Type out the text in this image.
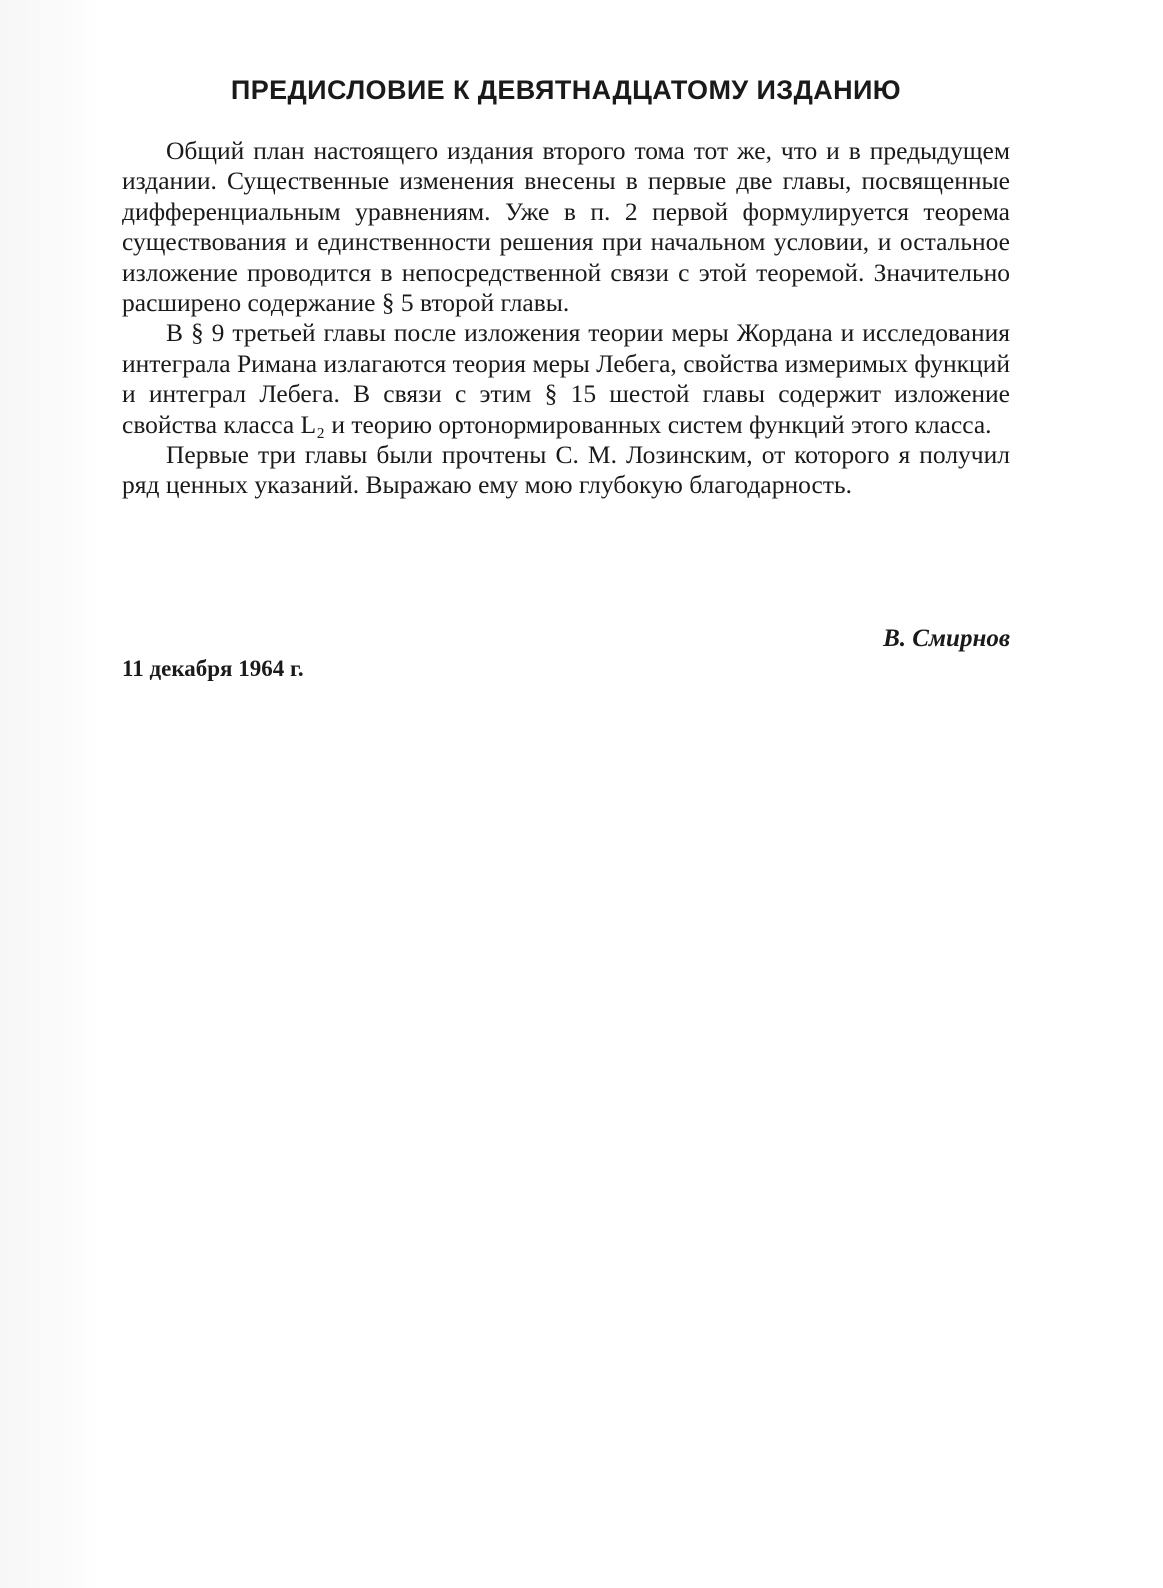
ПРЕДИСЛОВИЕ К ДЕВЯТНАДЦАТОМУ ИЗДАНИЮ

Общий план настоящего издания второго тома тот же, что и в предыдущем издании. Существенные изменения внесены в первые две главы, посвященные дифференциальным уравнениям. Уже в п. 2 первой формулируется теорема существования и единственности решения при начальном условии, и остальное изложение проводится в непосредственной связи с этой теоремой. Значительно расширено содержание § 5 второй главы.

В § 9 третьей главы после изложения теории меры Жордана и исследования интеграла Римана излагаются теория меры Лебега, свойства измеримых функций и интеграл Лебега. В связи с этим § 15 шестой главы содержит изложение свойства класса L₂ и теорию ортонормированных систем функций этого класса.

Первые три главы были прочтены С. М. Лозинским, от которого я получил ряд ценных указаний. Выражаю ему мою глубокую благодарность.

В. Смирнов
11 декабря 1964 г.
